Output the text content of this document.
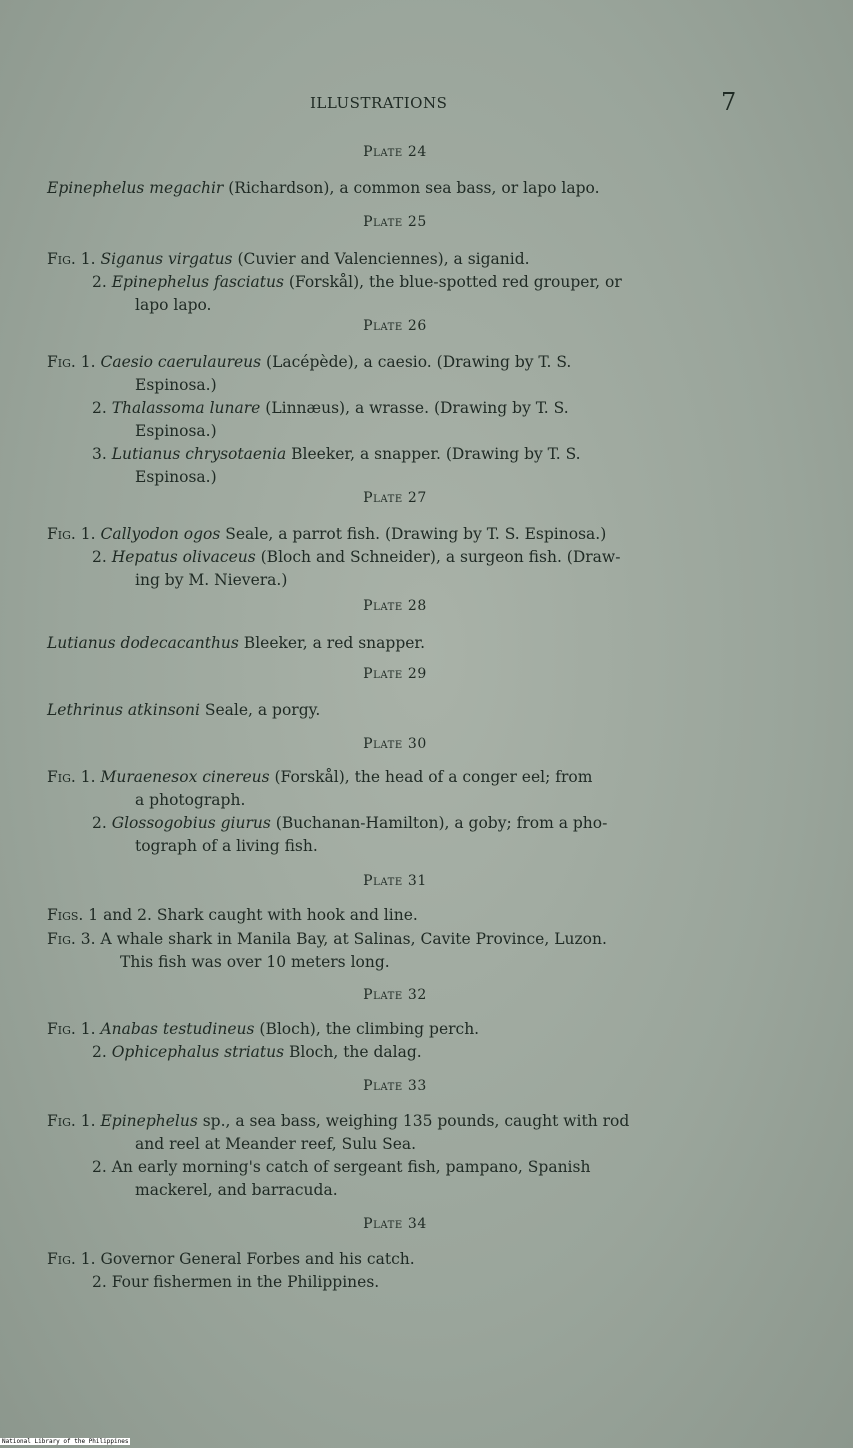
ILLUSTRATIONS	7
Plate 24
Epinephelus megachir (Richardson), a common sea bass, or lapo lapo.
Plate 25
Fig. 1. Siganus virgatus (Cuvier and Valenciennes), a siganid.
2. Epinephelus fasciatus (Forskål), the blue-spotted red grouper, or
lapo lapo.
Plate 26
Fig. 1. Caesio caerulaureus (Lacépède), a caesio. (Drawing by T. S.
Espinosa.)
2. Thalassoma lunare (Linnæus), a wrasse. (Drawing by T. S.
Espinosa.)
3. Lutianus chrysotaenia Bleeker, a snapper. (Drawing by T. S.
Espinosa.)
Plate 27
Fig. 1. Callyodon ogos Seale, a parrot fish. (Drawing by T. S. Espinosa.)
2. Hepatus olivaceus (Bloch and Schneider), a surgeon fish. (Draw-
ing by M. Nievera.)
Plate 28
Lutianus dodecacanthus Bleeker, a red snapper.
Plate 29
Lethrinus atkinsoni Seale, a porgy.
Plate 30
Fig. 1. Muraenesox cinereus (Forskål), the head of a conger eel; from
a photograph.
2. Glossogobius giurus (Buchanan-Hamilton), a goby; from a pho-
tograph of a living fish.
Plate 31
Figs. 1 and 2. Shark caught with hook and line.
Fig. 3. A whale shark in Manila Bay, at Salinas, Cavite Province, Luzon.
This fish was over 10 meters long.
Plate 32
Fig. 1. Anabas testudineus (Bloch), the climbing perch.
2. Ophicephalus striatus Bloch, the dalag.
Plate 33
Fig. 1. Epinephelus sp., a sea bass, weighing 135 pounds, caught with rod
and reel at Meander reef, Sulu Sea.
2. An early morning's catch of sergeant fish, pampano, Spanish
mackerel, and barracuda.
Plate 34
Fig. 1. Governor General Forbes and his catch.
2. Four fishermen in the Philippines.
National Library of the Philippines
